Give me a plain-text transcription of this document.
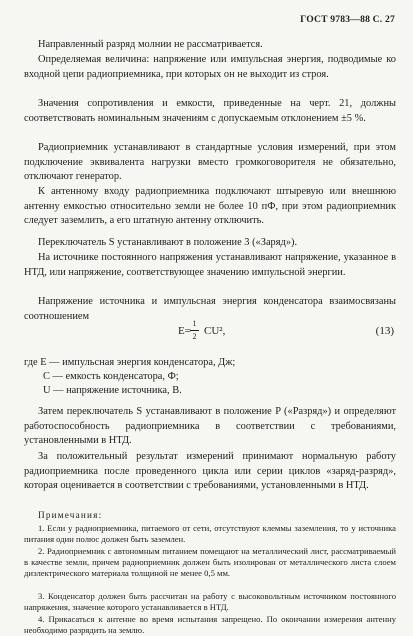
ГОСТ 9783—88 С. 27

Направленный разряд молнии не рассматривается.

Определяемая величина: напряжение или импульсная энергия, подводимые ко входной цепи радиоприемника, при которых он не выходит из строя.

Значения сопротивления и емкости, приведенные на черт. 21, должны соответствовать номинальным значениям с допускаемым отклонением ±5 %.

Радиоприемник устанавливают в стандартные условия измерений, при этом подключение эквивалента нагрузки вместо громкоговорителя не обязательно, отключают генератор.

К антенному входу радиоприемника подключают штыревую или внешнюю антенну емкостью относительно земли не более 10 пФ, при этом радиоприемник следует заземлить, а его штатную антенну отключить.

Переключатель S устанавливают в положение 3 («Заряд»).

На источнике постоянного напряжения устанавливают напряжение, указанное в НТД, или напряжение, соответствующее значению импульсной энергии.

Напряжение источника и импульсная энергия конденсатора взаимосвязаны соотношением

E=
1
2 CU²,	(13)

где E — импульсная энергия конденсатора, Дж;

C — емкость конденсатора, Ф;

U — напряжение источника, В.

Затем переключатель S устанавливают в положение P («Разряд») и определяют работоспособность радиоприемника в соответствии с требованиями, установленными в НТД.

За положительный результат измерений принимают нормальную работу радиоприемника после проведенного цикла или серии циклов «заряд-разряд», которая оценивается в соответствии с требованиями, установленными в НТД.

Примечания:

1. Если у радиоприемника, питаемого от сети, отсутствуют клеммы заземления, то у источника питания один полюс должен быть заземлен.

2. Радиоприемник с автономным питанием помещают на металлический лист, рассматриваемый в качестве земли, причем радиоприемник должен быть изолирован от металлического листа слоем диэлектрического материала толщиной не менее 0,5 мм.

3. Конденсатор должен быть рассчитан на работу с высоковольтным источником постоянного напряжения, значение которого устанавливается в НТД.

4. Прикасаться к антенне во время испытания запрещено. По окончании измерения антенну необходимо разрядить на землю.
